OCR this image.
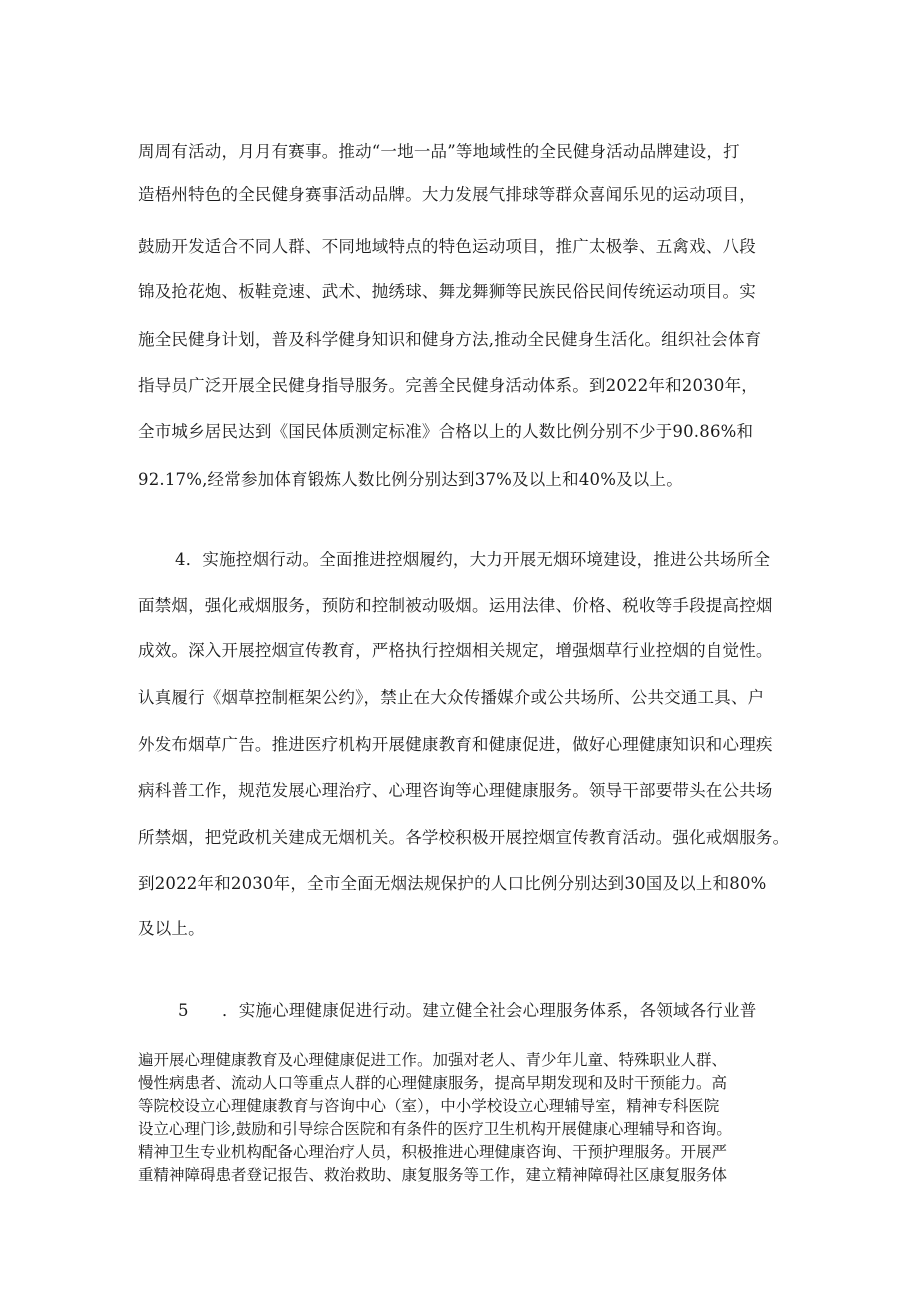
周周有活动，月月有赛事。推动“一地一品”等地域性的全民健身活动品牌建设，打
造梧州特色的全民健身赛事活动品牌。大力发展气排球等群众喜闻乐见的运动项目，
鼓励开发适合不同人群、不同地域特点的特色运动项目，推广太极拳、五禽戏、八段
锦及抢花炮、板鞋竞速、武术、抛绣球、舞龙舞狮等民族民俗民间传统运动项目。实
施全民健身计划，普及科学健身知识和健身方法,推动全民健身生活化。组织社会体育
指导员广泛开展全民健身指导服务。完善全民健身活动体系。到2022年和2030年，
全市城乡居民达到《国民体质测定标准》合格以上的人数比例分别不少于90.86%和
92.17%,经常参加体育锻炼人数比例分别达到37%及以上和40%及以上。
4．实施控烟行动。全面推进控烟履约，大力开展无烟环境建设，推进公共场所全
面禁烟，强化戒烟服务，预防和控制被动吸烟。运用法律、价格、税收等手段提高控烟
成效。深入开展控烟宣传教育，严格执行控烟相关规定，增强烟草行业控烟的自觉性。
认真履行《烟草控制框架公约》，禁止在大众传播媒介或公共场所、公共交通工具、户
外发布烟草广告。推进医疗机构开展健康教育和健康促进，做好心理健康知识和心理疾
病科普工作，规范发展心理治疗、心理咨询等心理健康服务。领导干部要带头在公共场
所禁烟，把党政机关建成无烟机关。各学校积极开展控烟宣传教育活动。强化戒烟服务。
到2022年和2030年，全市全面无烟法规保护的人口比例分别达到30国及以上和80%
及以上。
5 ．实施心理健康促进行动。建立健全社会心理服务体系，各领域各行业普
遍开展心理健康教育及心理健康促进工作。加强对老人、青少年儿童、特殊职业人群、
慢性病患者、流动人口等重点人群的心理健康服务，提高早期发现和及时干预能力。高
等院校设立心理健康教育与咨询中心（室），中小学校设立心理辅导室，精神专科医院
设立心理门诊,鼓励和引导综合医院和有条件的医疗卫生机构开展健康心理辅导和咨询。
精神卫生专业机构配备心理治疗人员，积极推进心理健康咨询、干预护理服务。开展严
重精神障碍患者登记报告、救治救助、康复服务等工作，建立精神障碍社区康复服务体
